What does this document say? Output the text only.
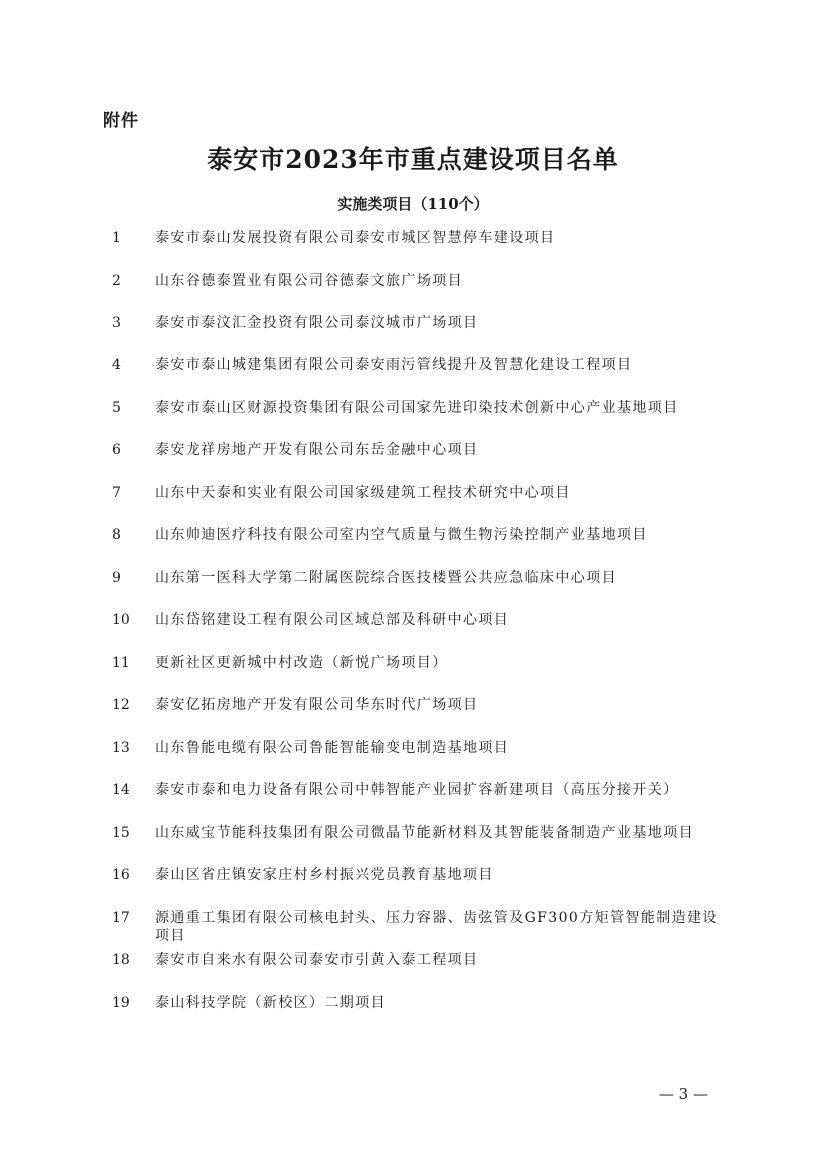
附件
泰安市2023年市重点建设项目名单
实施类项目（110个）
1	泰安市泰山发展投资有限公司泰安市城区智慧停车建设项目
2	山东谷德泰置业有限公司谷德泰文旅广场项目
3	泰安市泰汶汇金投资有限公司泰汶城市广场项目
4	泰安市泰山城建集团有限公司泰安雨污管线提升及智慧化建设工程项目
5	泰安市泰山区财源投资集团有限公司国家先进印染技术创新中心产业基地项目
6	泰安龙祥房地产开发有限公司东岳金融中心项目
7	山东中天泰和实业有限公司国家级建筑工程技术研究中心项目
8	山东帅迪医疗科技有限公司室内空气质量与微生物污染控制产业基地项目
9	山东第一医科大学第二附属医院综合医技楼暨公共应急临床中心项目
10	山东岱铭建设工程有限公司区域总部及科研中心项目
11	更新社区更新城中村改造（新悦广场项目）
12	泰安亿拓房地产开发有限公司华东时代广场项目
13	山东鲁能电缆有限公司鲁能智能输变电制造基地项目
14	泰安市泰和电力设备有限公司中韩智能产业园扩容新建项目（高压分接开关）
15	山东威宝节能科技集团有限公司微晶节能新材料及其智能装备制造产业基地项目
16	泰山区省庄镇安家庄村乡村振兴党员教育基地项目
17	源通重工集团有限公司核电封头、压力容器、齿弦管及GF300方矩管智能制造建设项目
18	泰安市自来水有限公司泰安市引黄入泰工程项目
19	泰山科技学院（新校区）二期项目
— 3 —
